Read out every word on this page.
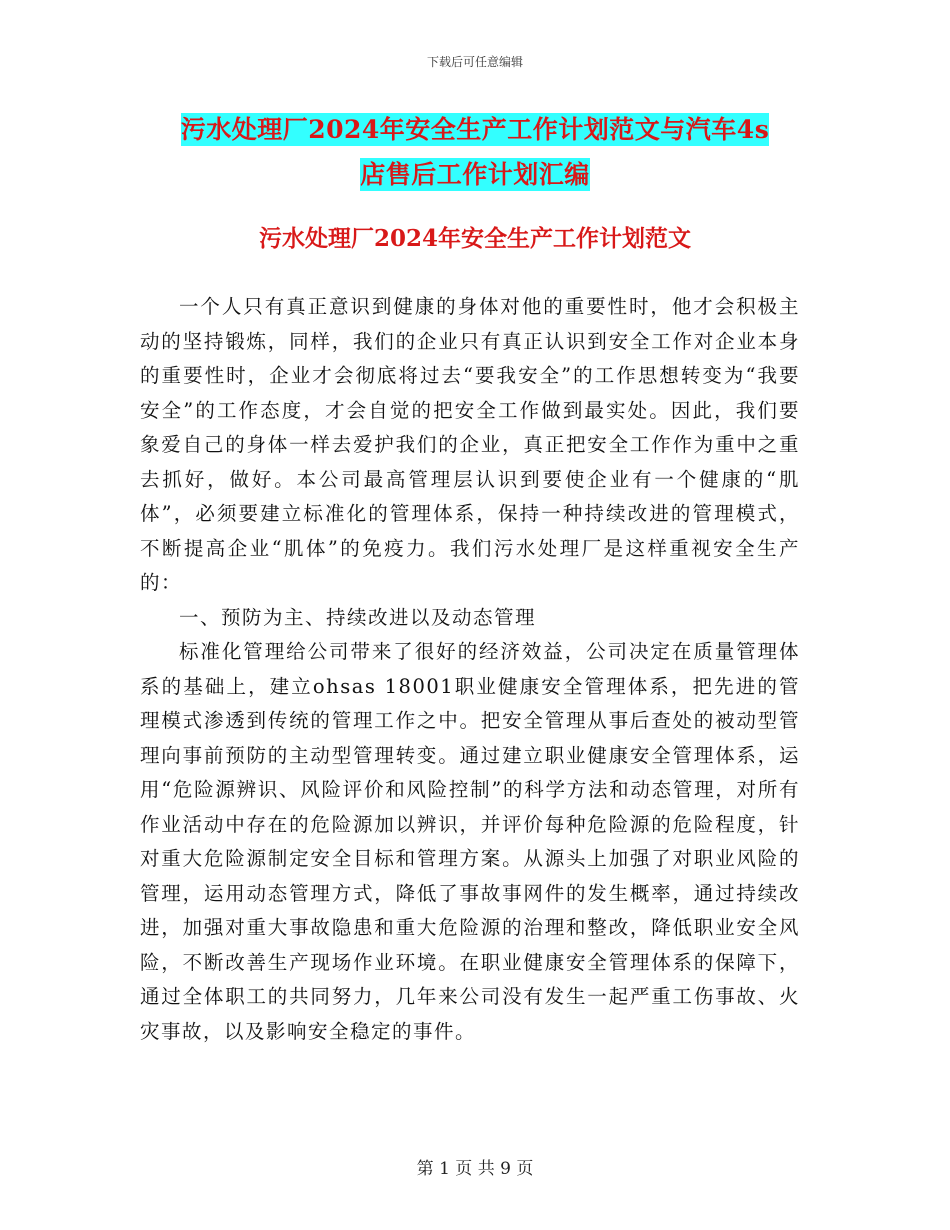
下载后可任意编辑
污水处理厂2024年安全生产工作计划范文与汽车4s
店售后工作计划汇编
污水处理厂2024年安全生产工作计划范文

一个人只有真正意识到健康的身体对他的重要性时，他才会积极主动的坚持锻炼，同样，我们的企业只有真正认识到安全工作对企业本身的重要性时，企业才会彻底将过去“要我安全”的工作思想转变为“我要安全”的工作态度，才会自觉的把安全工作做到最实处。因此，我们要象爱自己的身体一样去爱护我们的企业，真正把安全工作作为重中之重去抓好，做好。本公司最高管理层认识到要使企业有一个健康的“肌体”，必须要建立标准化的管理体系，保持一种持续改进的管理模式，不断提高企业“肌体”的免疫力。我们污水处理厂是这样重视安全生产的：

一、预防为主、持续改进以及动态管理

标准化管理给公司带来了很好的经济效益，公司决定在质量管理体系的基础上，建立ohsas 18001职业健康安全管理体系，把先进的管理模式渗透到传统的管理工作之中。把安全管理从事后查处的被动型管理向事前预防的主动型管理转变。通过建立职业健康安全管理体系，运用“危险源辨识、风险评价和风险控制”的科学方法和动态管理，对所有作业活动中存在的危险源加以辨识，并评价每种危险源的危险程度，针对重大危险源制定安全目标和管理方案。从源头上加强了对职业风险的管理，运用动态管理方式，降低了事故事网件的发生概率，通过持续改进，加强对重大事故隐患和重大危险源的治理和整改，降低职业安全风险，不断改善生产现场作业环境。在职业健康安全管理体系的保障下，通过全体职工的共同努力，几年来公司没有发生一起严重工伤事故、火灾事故，以及影响安全稳定的事件。

第 1 页 共 9 页
